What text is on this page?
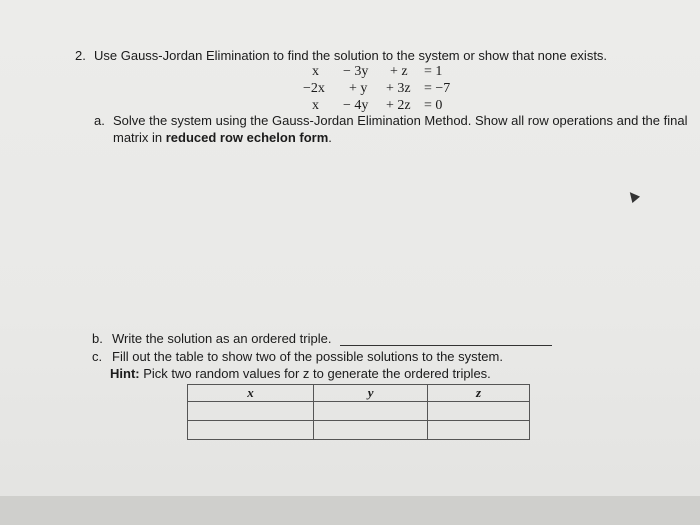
2. Use Gauss-Jordan Elimination to find the solution to the system or show that none exists.
x − 3y + z = 1
−2x + y + 3z = −7
x − 4y + 2z = 0
a. Solve the system using the Gauss-Jordan Elimination Method. Show all row operations and the final
matrix in reduced row echelon form.
b. Write the solution as an ordered triple.
c. Fill out the table to show two of the possible solutions to the system.
Hint: Pick two random values for z to generate the ordered triples.
x	y	z
